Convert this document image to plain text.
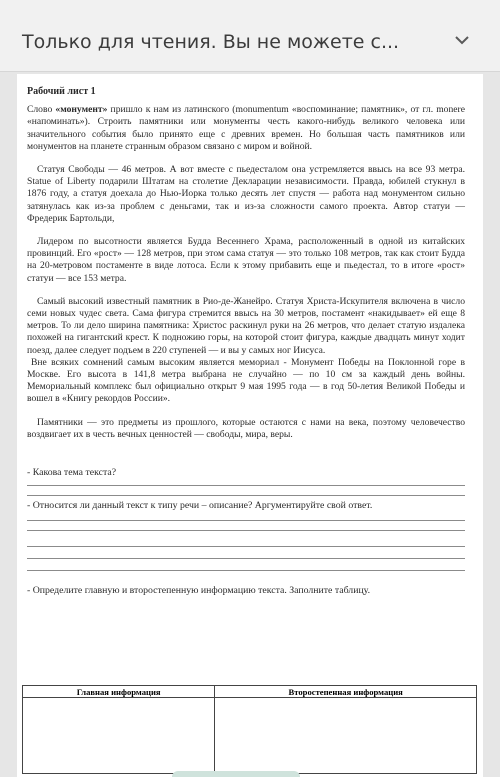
Только для чтения. Вы не можете с...

Рабочий лист 1

Слово «монумент» пришло к нам из латинского (monumentum «воспоминание; памятник», от гл. monere «напоминать»). Строить памятники или монументы честь какого-нибудь великого человека или значительного события было принято еще с древних времен. Но большая часть памятников или монументов на планете странным образом связано с миром и войной.

Статуя Свободы — 46 метров. А вот вместе с пьедесталом она устремляется ввысь на все 93 метра. Statue of Liberty подарили Штатам на столетие Декларации независимости. Правда, юбилей стукнул в 1876 году, а статуя доехала до Нью-Иорка только десять лет спустя — работа над монументом сильно затянулась как из-за проблем с деньгами, так и из-за сложности самого проекта. Автор статуи — Фредерик Бартольди,

Лидером по высотности является Будда Весеннего Храма, расположенный в одной из китайских провинций. Его «рост» — 128 метров, при этом сама статуя — это только 108 метров, так как стоит Будда на 20-метровом постаменте в виде лотоса. Если к этому прибавить еще и пьедестал, то в итоге «рост» статуи — все 153 метра.

Самый высокий известный памятник в Рио-де-Жанейро. Статуя Христа-Искупителя включена в число семи новых чудес света. Сама фигура стремится ввысь на 30 метров, постамент «накидывает» ей еще 8 метров. То ли дело ширина памятника: Христос раскинул руки на 26 метров, что делает статую издалека похожей на гигантский крест. К подножию горы, на которой стоит фигура, каждые двадцать минут ходит поезд, далее следует подъем в 220 ступеней — и вы у самых ног Иисуса.

Вне всяких сомнений самым высоким является мемориал - Монумент Победы на Поклонной горе в Москве. Его высота в 141,8 метра выбрана не случайно — по 10 см за каждый день войны. Мемориальный комплекс был официально открыт 9 мая 1995 года — в год 50-летия Великой Победы и вошел в «Книгу рекордов России».

Памятники — это предметы из прошлого, которые остаются с нами на века, поэтому человечество воздвигает их в честь вечных ценностей — свободы, мира, веры.

- Какова тема текста?

- Относится ли данный текст к типу речи – описание? Аргументируйте свой ответ.

- Определите главную и второстепенную информацию текста. Заполните таблицу.

Главная информация	Второстепенная информация
